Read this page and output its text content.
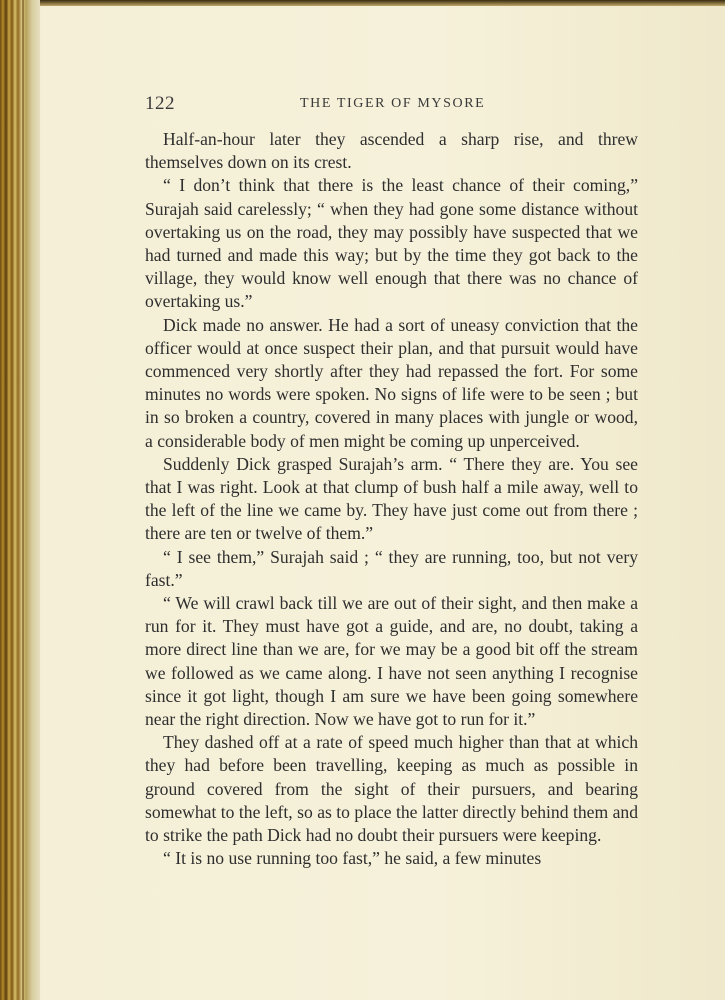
122	THE TIGER OF MYSORE

Half-an-hour later they ascended a sharp rise, and threw themselves down on its crest.

“ I don’t think that there is the least chance of their coming,” Surajah said carelessly; “ when they had gone some distance without overtaking us on the road, they may possibly have suspected that we had turned and made this way; but by the time they got back to the village, they would know well enough that there was no chance of overtaking us.”

Dick made no answer. He had a sort of uneasy conviction that the officer would at once suspect their plan, and that pursuit would have commenced very shortly after they had repassed the fort. For some minutes no words were spoken. No signs of life were to be seen ; but in so broken a country, covered in many places with jungle or wood, a considerable body of men might be coming up unperceived.

Suddenly Dick grasped Surajah’s arm. “ There they are. You see that I was right. Look at that clump of bush half a mile away, well to the left of the line we came by. They have just come out from there ; there are ten or twelve of them.”

“ I see them,” Surajah said ; “ they are running, too, but not very fast.”

“ We will crawl back till we are out of their sight, and then make a run for it. They must have got a guide, and are, no doubt, taking a more direct line than we are, for we may be a good bit off the stream we followed as we came along. I have not seen anything I recognise since it got light, though I am sure we have been going somewhere near the right direction. Now we have got to run for it.”

They dashed off at a rate of speed much higher than that at which they had before been travelling, keeping as much as possible in ground covered from the sight of their pursuers, and bearing somewhat to the left, so as to place the latter directly behind them and to strike the path Dick had no doubt their pursuers were keeping.

“ It is no use running too fast,” he said, a few minutes
